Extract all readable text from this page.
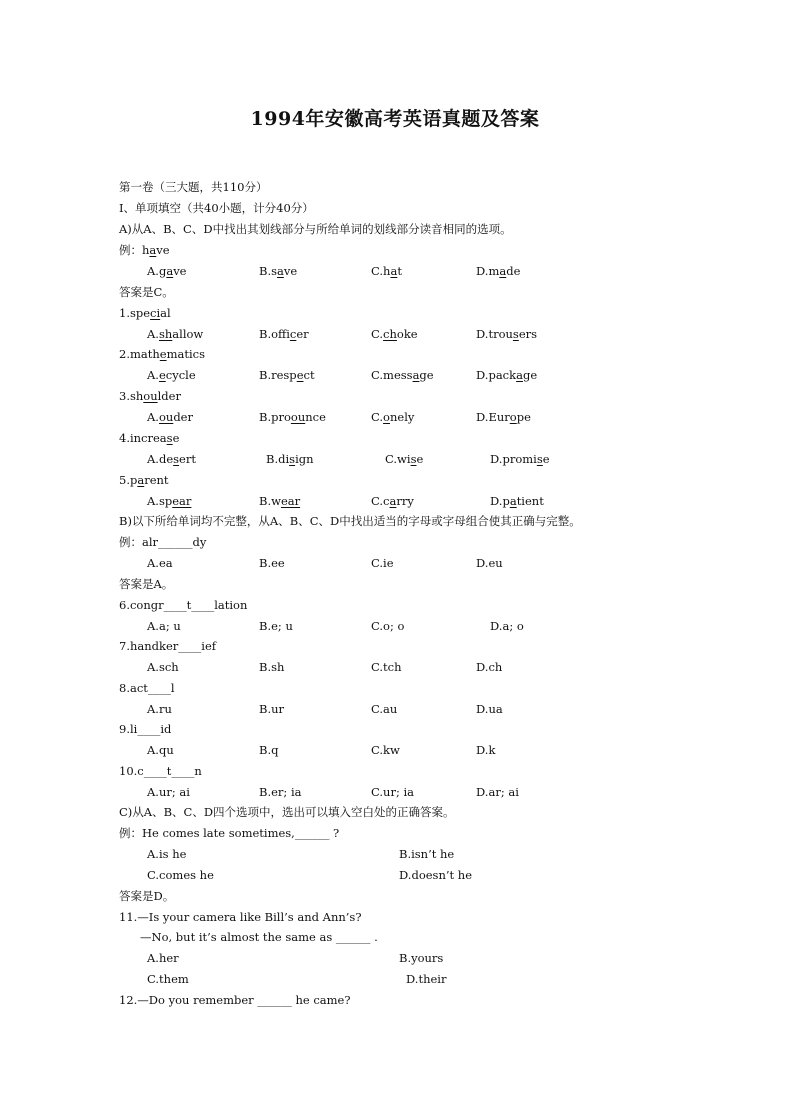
1994年安徽高考英语真题及答案
第一卷（三大题，共110分）
I、单项填空（共40小题，计分40分）
A)从A、B、C、D中找出其划线部分与所给单词的划线部分读音相同的选项。
例：have
A.gave	B.save	C.hat	D.made
答案是C。
1.special
A.shallow	B.officer	C.choke	D.trousers
2.mathematics
A.ecycle	B.respect	C.message	D.package
3.shoulder
A.ouder	B.proounce	C.onely	D.Europe
4.increase
A.desert	B.disign	C.wise	D.promise
5.parent
A.spear	B.wear	C.carry	D.patient
B)以下所给单词均不完整，从A、B、C、D中找出适当的字母或字母组合使其正确与完整。
例：alr______dy
A.ea	B.ee	C.ie	D.eu
答案是A。
6.congr____t____lation
A.a; u	B.e; u	C.o; o	D.a; o
7.handker____ief
A.sch	B.sh	C.tch	D.ch
8.act____l
A.ru	B.ur	C.au	D.ua
9.li____id
A.qu	B.q	C.kw	D.k
10.c____t____n
A.ur; ai	B.er; ia	C.ur; ia	D.ar; ai
C)从A、B、C、D四个选项中，选出可以填入空白处的正确答案。
例：He comes late sometimes,______ ?
A.is he	B.isn’t he
C.comes he	D.doesn’t he
答案是D。
11.—Is your camera like Bill’s and Ann’s?
—No, but it’s almost the same as ______ .
A.her	B.yours
C.them	D.their
12.—Do you remember ______ he came?
